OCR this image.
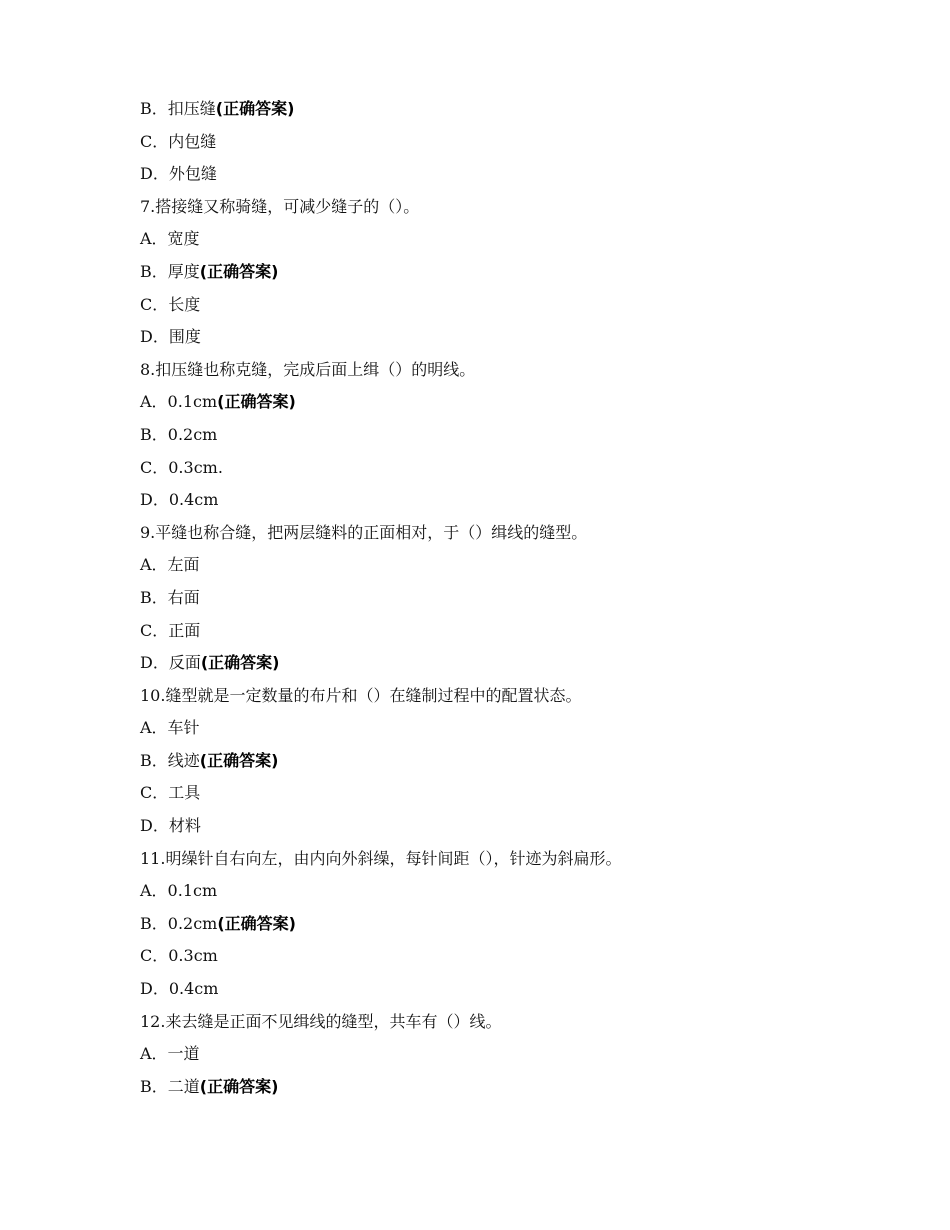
B．扣压缝(正确答案)
C．内包缝
D．外包缝
7.搭接缝又称骑缝，可减少缝子的（）。
A．宽度
B．厚度(正确答案)
C．长度
D．围度
8.扣压缝也称克缝，完成后面上缉（）的明线。
A．0.1cm(正确答案)
B．0.2cm
C．0.3cm.
D．0.4cm
9.平缝也称合缝，把两层缝料的正面相对，于（）缉线的缝型。
A．左面
B．右面
C．正面
D．反面(正确答案)
10.缝型就是一定数量的布片和（）在缝制过程中的配置状态。
A．车针
B．线迹(正确答案)
C．工具
D．材料
11.明缲针自右向左，由内向外斜缲，每针间距（），针迹为斜扁形。
A．0.1cm
B．0.2cm(正确答案)
C．0.3cm
D．0.4cm
12.来去缝是正面不见缉线的缝型，共车有（）线。
A．一道
B．二道(正确答案)
